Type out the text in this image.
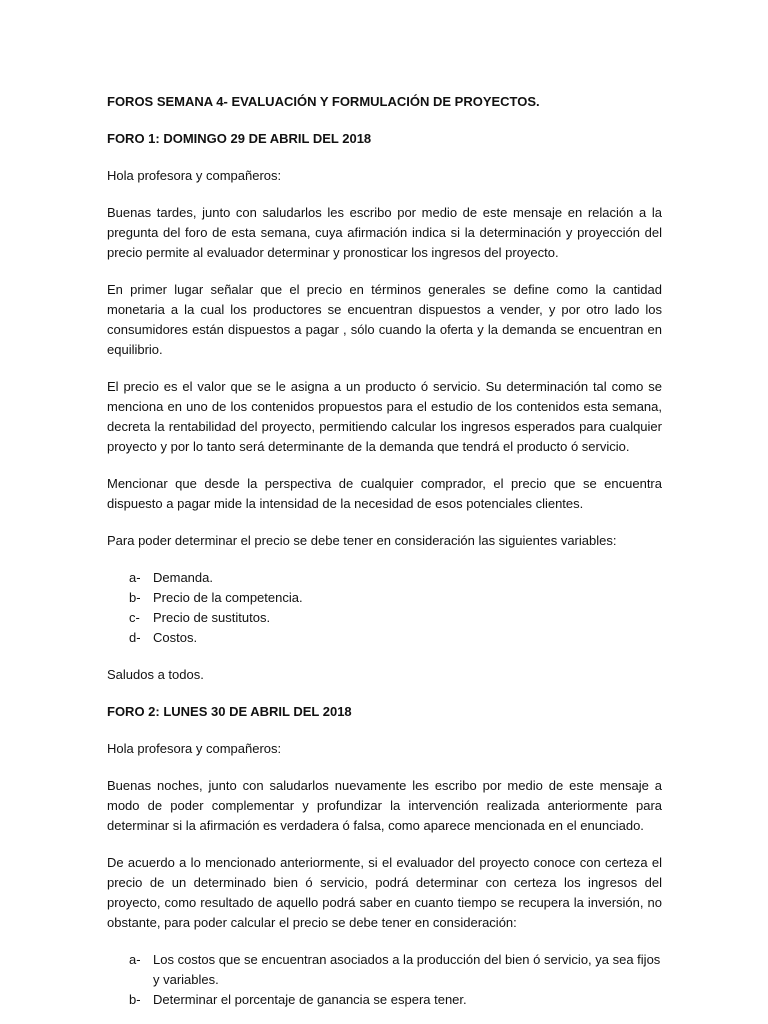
FOROS SEMANA 4- EVALUACIÓN Y FORMULACIÓN DE PROYECTOS.

FORO 1: DOMINGO 29 DE ABRIL DEL 2018

Hola profesora y compañeros:

Buenas tardes, junto con saludarlos les escribo por medio de este mensaje en relación a la pregunta del foro de esta semana, cuya afirmación indica si la determinación y proyección del precio permite al evaluador determinar y pronosticar los ingresos del proyecto.

En primer lugar señalar que el precio en términos generales se define como la cantidad monetaria a la cual los productores se encuentran dispuestos a vender, y por otro lado los consumidores están dispuestos a pagar , sólo cuando la oferta y la demanda se encuentran en equilibrio.

El precio es el valor que se le asigna a un producto ó servicio. Su determinación tal como se menciona en uno de los contenidos propuestos para el estudio de los contenidos esta semana, decreta la rentabilidad del proyecto, permitiendo calcular los ingresos esperados para cualquier proyecto y por lo tanto será determinante de la demanda que tendrá el producto ó servicio.

Mencionar que desde la perspectiva de cualquier comprador, el precio que se encuentra dispuesto a pagar mide la intensidad de la necesidad de esos potenciales clientes.

Para poder determinar el precio se debe tener en consideración las siguientes variables:

a- Demanda.
b- Precio de la competencia.
c-	Precio de sustitutos.
d- Costos.

Saludos a todos.

FORO 2: LUNES 30 DE ABRIL DEL 2018

Hola profesora y compañeros:

Buenas noches, junto con saludarlos nuevamente les escribo por medio de este mensaje a modo de poder complementar y profundizar la intervención realizada anteriormente para determinar si la afirmación es verdadera ó falsa, como aparece mencionada en el enunciado.

De acuerdo a lo mencionado anteriormente, si el evaluador del proyecto conoce con certeza el precio de un determinado bien ó servicio, podrá determinar con certeza los ingresos del proyecto, como resultado de aquello podrá saber en cuanto tiempo se recupera la inversión, no obstante, para poder calcular el precio se debe tener en consideración:

a- Los costos que se encuentran asociados a la producción del bien ó servicio, ya sea fijos y variables.
b- Determinar el porcentaje de ganancia se espera tener.
